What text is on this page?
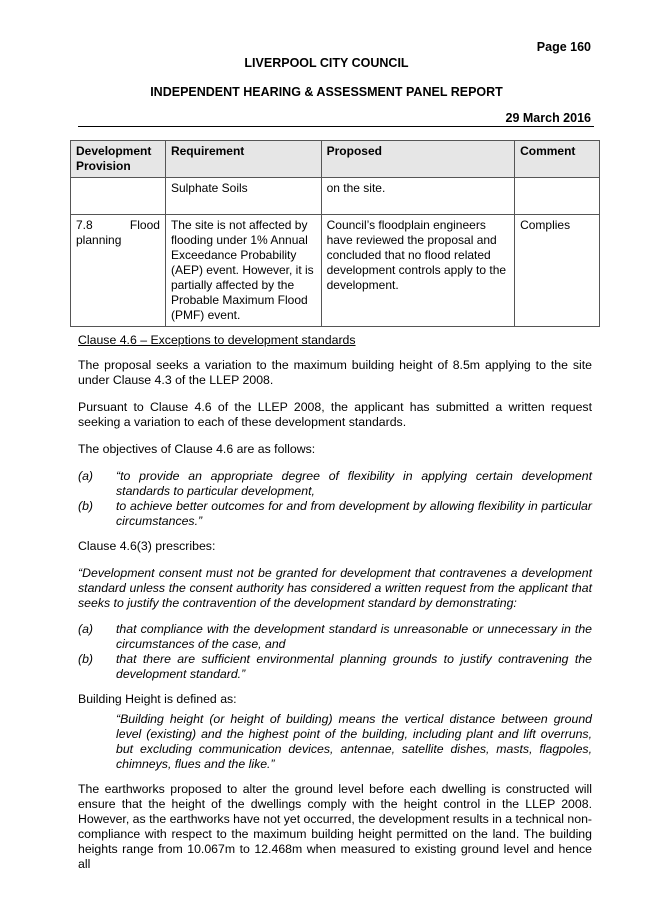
Page 160
LIVERPOOL CITY COUNCIL
INDEPENDENT HEARING & ASSESSMENT PANEL REPORT
29 March 2016
Development Provision	Requirement	Proposed	Comment
	Sulphate Soils	on the site.	

7.8 Flood
planning	The site is not affected by flooding under 1% Annual Exceedance Probability (AEP) event. However, it is partially affected by the Probable Maximum Flood (PMF) event.	Council’s floodplain engineers have reviewed the proposal and concluded that no flood related development controls apply to the development.	Complies

Clause 4.6 – Exceptions to development standards

The proposal seeks a variation to the maximum building height of 8.5m applying to the site under Clause 4.3 of the LLEP 2008.

Pursuant to Clause 4.6 of the LLEP 2008, the applicant has submitted a written request seeking a variation to each of these development standards.

The objectives of Clause 4.6 are as follows:

(a)	“to provide an appropriate degree of flexibility in applying certain development standards to particular development,
(b)	to achieve better outcomes for and from development by allowing flexibility in particular circumstances.”

Clause 4.6(3) prescribes:

“Development consent must not be granted for development that contravenes a development standard unless the consent authority has considered a written request from the applicant that seeks to justify the contravention of the development standard by demonstrating:

(a)	that compliance with the development standard is unreasonable or unnecessary in the circumstances of the case, and
(b)	that there are sufficient environmental planning grounds to justify contravening the development standard.”

Building Height is defined as:

“Building height (or height of building) means the vertical distance between ground level (existing) and the highest point of the building, including plant and lift overruns, but excluding communication devices, antennae, satellite dishes, masts, flagpoles, chimneys, flues and the like.”

The earthworks proposed to alter the ground level before each dwelling is constructed will ensure that the height of the dwellings comply with the height control in the LLEP 2008. However, as the earthworks have not yet occurred, the development results in a technical non-compliance with respect to the maximum building height permitted on the land. The building heights range from 10.067m to 12.468m when measured to existing ground level and hence all
